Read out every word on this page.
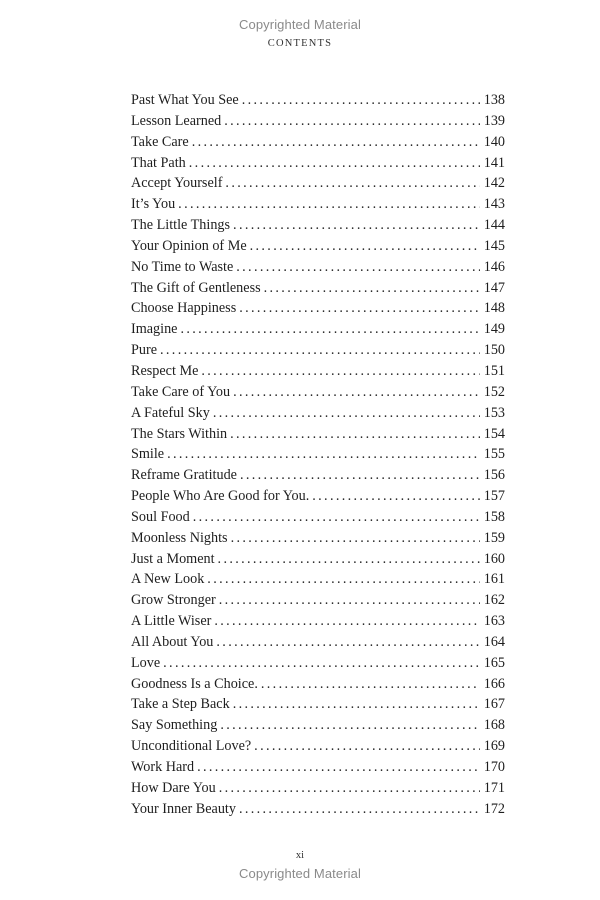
Copyrighted Material
CONTENTS
Past What You See . . .	138
Lesson Learned . . .	139
Take Care . . .	140
That Path . . .	141
Accept Yourself . . .	142
It’s You . . .	143
The Little Things . . .	144
Your Opinion of Me . . .	145
No Time to Waste . . .	146
The Gift of Gentleness . . .	147
Choose Happiness . . .	148
Imagine . . .	149
Pure . . .	150
Respect Me . . .	151
Take Care of You . . .	152
A Fateful Sky . . .	153
The Stars Within . . .	154
Smile . . .	155
Reframe Gratitude . . .	156
People Who Are Good for You. . . .	157
Soul Food . . .	158
Moonless Nights . . .	159
Just a Moment . . .	160
A New Look . . .	161
Grow Stronger . . .	162
A Little Wiser . . .	163
All About You . . .	164
Love . . .	165
Goodness Is a Choice. . . .	166
Take a Step Back . . .	167
Say Something . . .	168
Unconditional Love? . . .	169
Work Hard . . .	170
How Dare You . . .	171
Your Inner Beauty . . .	172
xi
Copyrighted Material
